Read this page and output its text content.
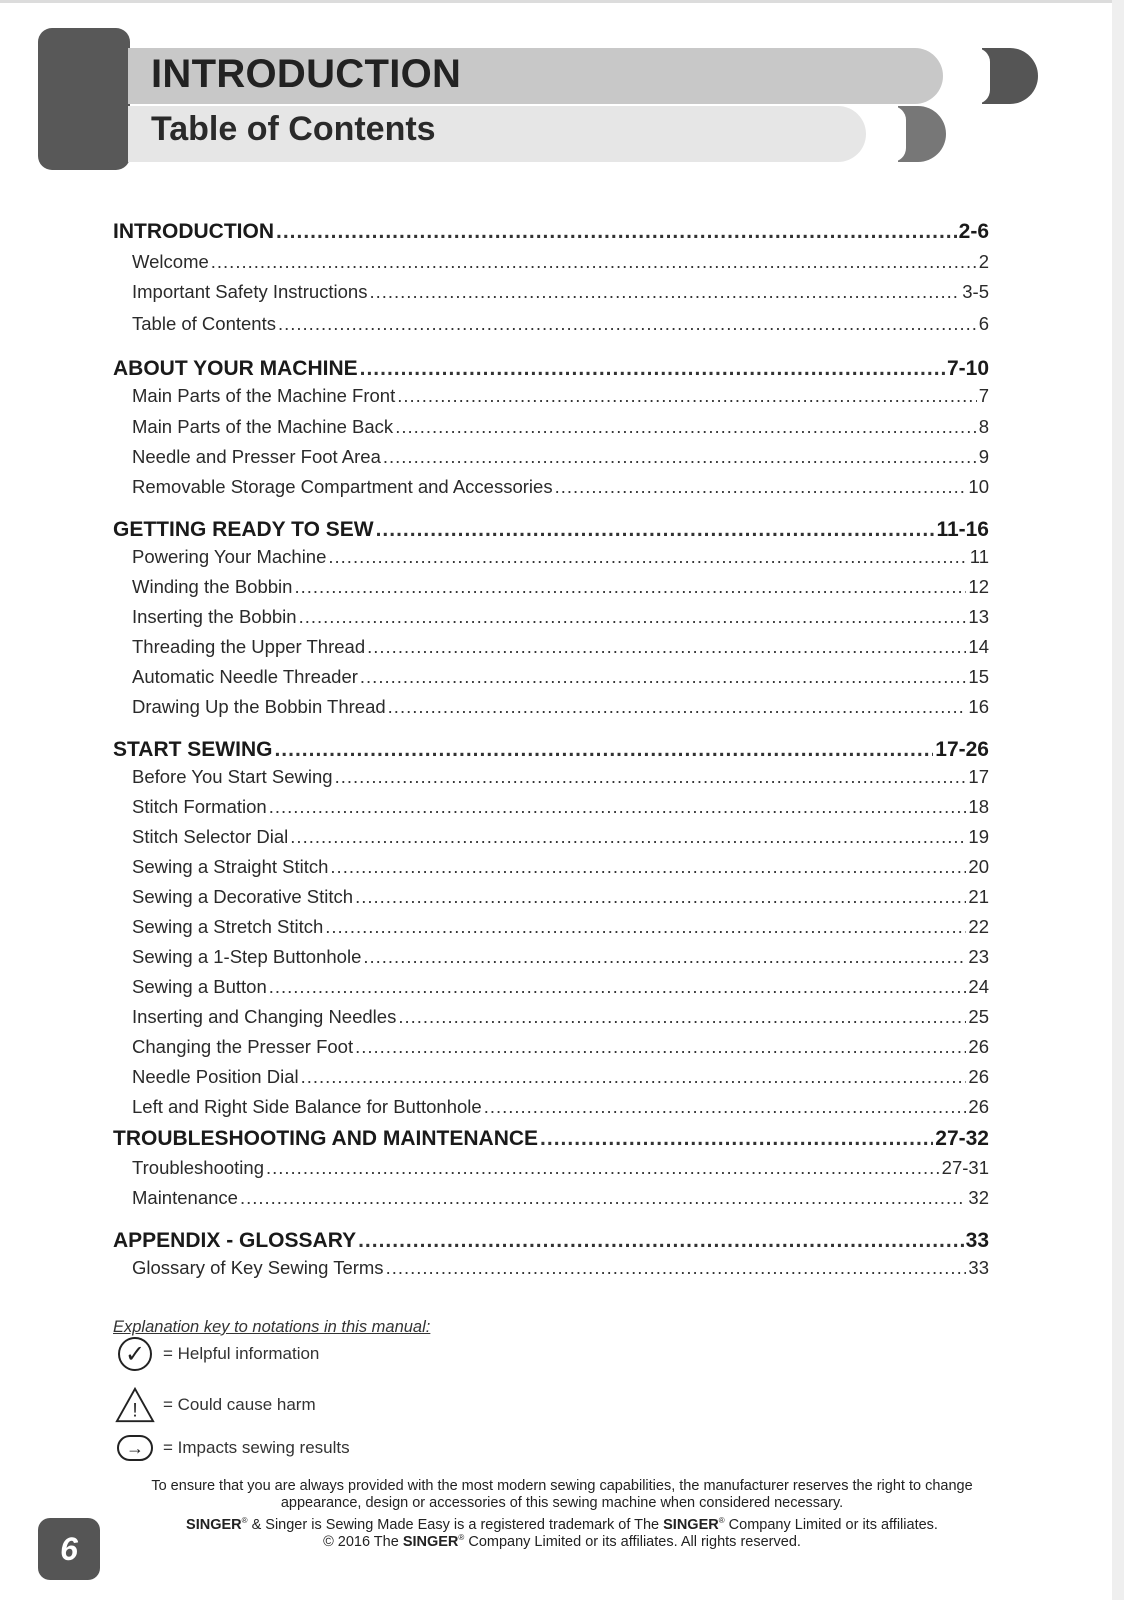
INTRODUCTION
Table of Contents
INTRODUCTION .....	2-6
Welcome .....	2
Important Safety Instructions .....	3-5
Table of Contents .....	6
ABOUT YOUR MACHINE .....	7-10
Main Parts of the Machine Front .....	7
Main Parts of the Machine Back .....	8
Needle and Presser Foot Area .....	9
Removable Storage Compartment and Accessories .....	10
GETTING READY TO SEW .....	11-16
Powering Your Machine .....	11
Winding the Bobbin .....	12
Inserting the Bobbin .....	13
Threading the Upper Thread .....	14
Automatic Needle Threader .....	15
Drawing Up the Bobbin Thread .....	16
START SEWING .....	17-26
Before You Start Sewing .....	17
Stitch Formation .....	18
Stitch Selector Dial .....	19
Sewing a Straight Stitch .....	20
Sewing a Decorative Stitch .....	21
Sewing a Stretch Stitch .....	22
Sewing a 1-Step Buttonhole .....	23
Sewing a Button .....	24
Inserting and Changing Needles .....	25
Changing the Presser Foot .....	26
Needle Position Dial .....	26
Left and Right Side Balance for Buttonhole .....	26
TROUBLESHOOTING AND MAINTENANCE .....	27-32
Troubleshooting .....	27-31
Maintenance .....	32
APPENDIX - GLOSSARY .....	33
Glossary of Key Sewing Terms .....	33
Explanation key to notations in this manual:
✓	= Helpful information
! = Could cause harm
→	= Impacts sewing results
To ensure that you are always provided with the most modern sewing capabilities, the manufacturer reserves the right to change
appearance, design or accessories of this sewing machine when considered necessary.
SINGER® & Singer is Sewing Made Easy is a registered trademark of The SINGER® Company Limited or its affiliates.
© 2016 The SINGER® Company Limited or its affiliates. All rights reserved.
6
